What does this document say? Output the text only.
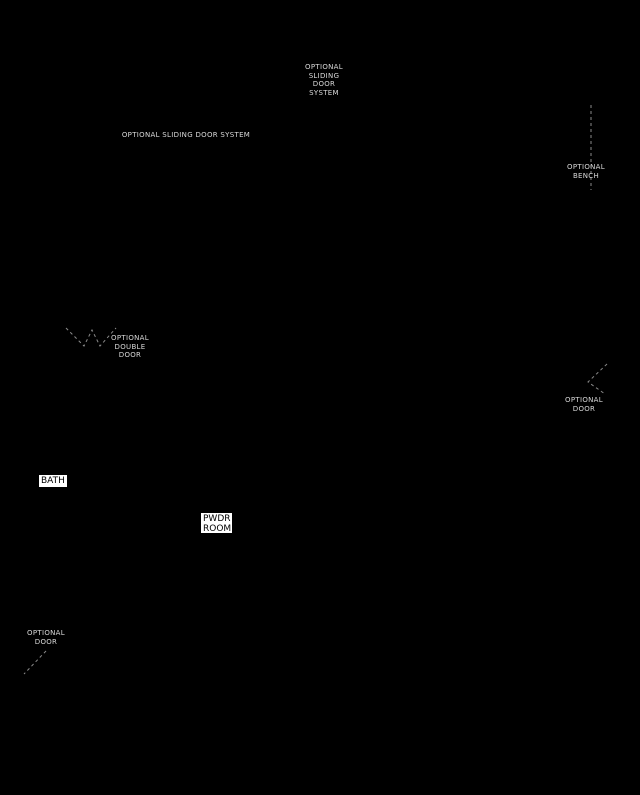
OPTIONAL
SLIDING
DOOR
SYSTEM
OPTIONAL SLIDING DOOR SYSTEM
OPTIONAL
BENCH
OPTIONAL
DOUBLE
DOOR
OPTIONAL
DOOR
OPTIONAL
DOOR
BATH
PWDR
ROOM
